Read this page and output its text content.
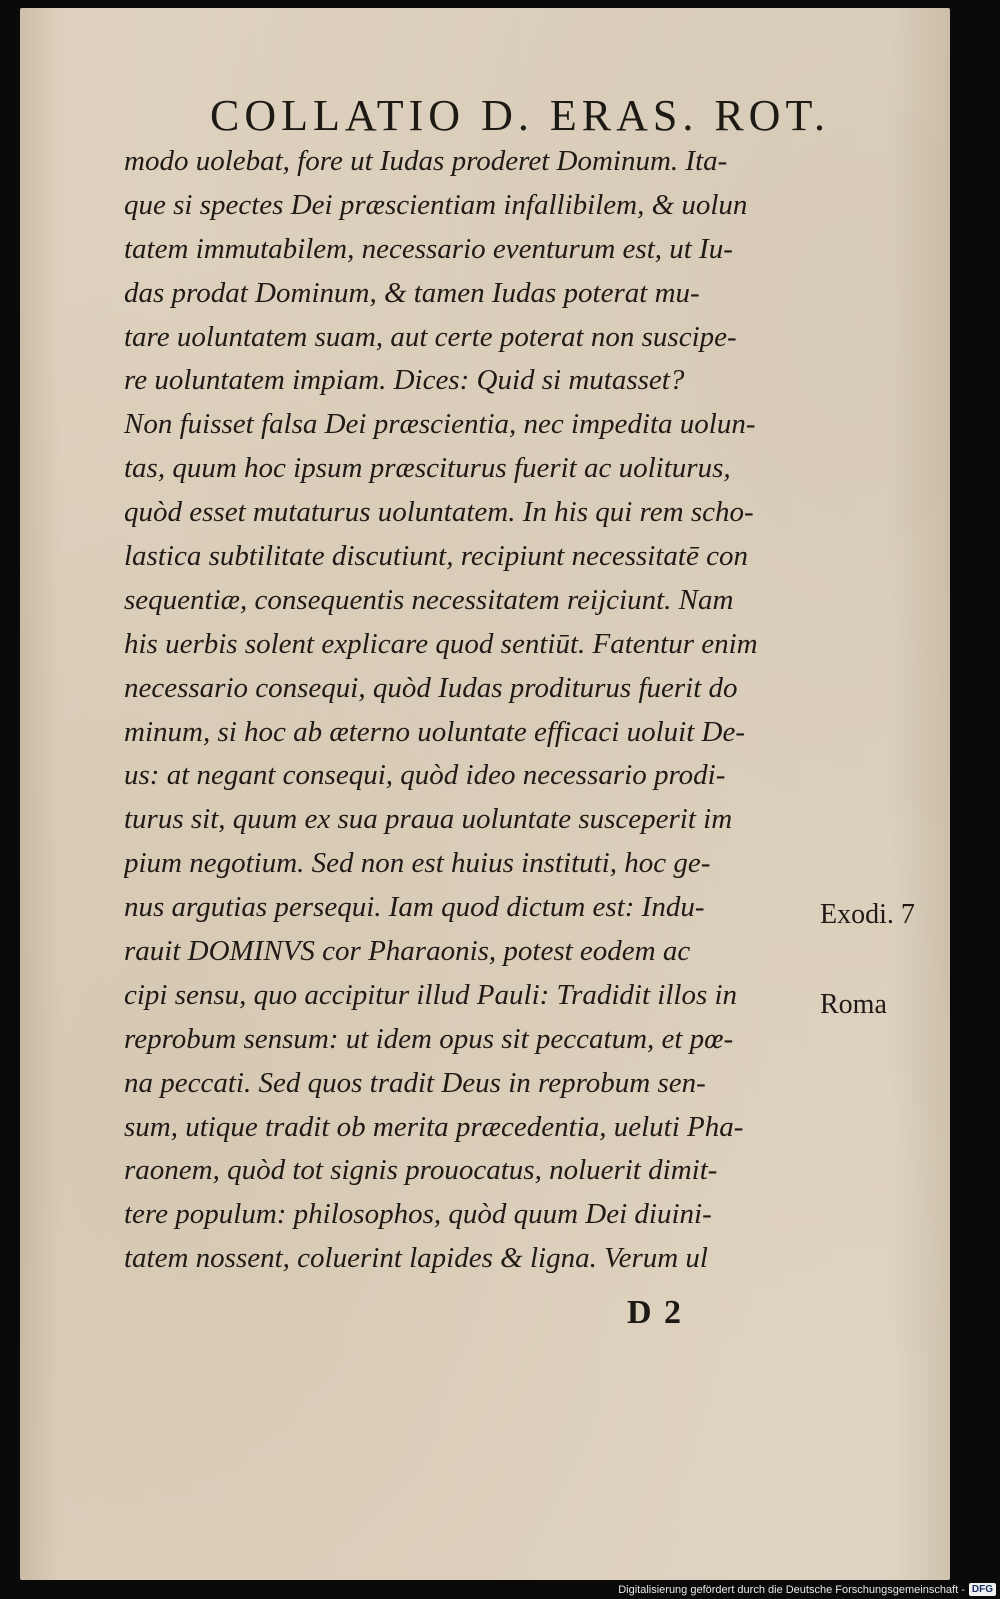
COLLATIO D. ERAS. ROT.
modo uolebat, fore ut Iudas proderet Dominum. Ita-
que si spectes Dei præscientiam infallibilem, & uolun
tatem immutabilem, necessario eventurum est, ut Iu-
das prodat Dominum, & tamen Iudas poterat mu-
tare uoluntatem suam, aut certe poterat non suscipe-
re uoluntatem impiam. Dices: Quid si mutasset?
Non fuisset falsa Dei præscientia, nec impedita uolun-
tas, quum hoc ipsum præsciturus fuerit ac uoliturus,
quòd esset mutaturus uoluntatem. In his qui rem scho-
lastica subtilitate discutiunt, recipiunt necessitatē con
sequentiæ, consequentis necessitatem reijciunt. Nam
his uerbis solent explicare quod sentiūt. Fatentur enim
necessario consequi, quòd Iudas proditurus fuerit do
minum, si hoc ab æterno uoluntate efficaci uoluit De-
us: at negant consequi, quòd ideo necessario prodi-
turus sit, quum ex sua praua uoluntate susceperit im
pium negotium. Sed non est huius instituti, hoc ge-
nus argutias persequi. Iam quod dictum est: Indu-
rauit DOMINVS cor Pharaonis, potest eodem ac
cipi sensu, quo accipitur illud Pauli: Tradidit illos in
reprobum sensum: ut idem opus sit peccatum, et pœ-
na peccati. Sed quos tradit Deus in reprobum sen-
sum, utique tradit ob merita præcedentia, ueluti Pha-
raonem, quòd tot signis prouocatus, noluerit dimit-
tere populum: philosophos, quòd quum Dei diuini-
tatem nossent, coluerint lapides & ligna. Verum ul
Exodi. 7
Roma
D 2
Digitalisierung gefördert durch die Deutsche Forschungsgemeinschaft - DFG
